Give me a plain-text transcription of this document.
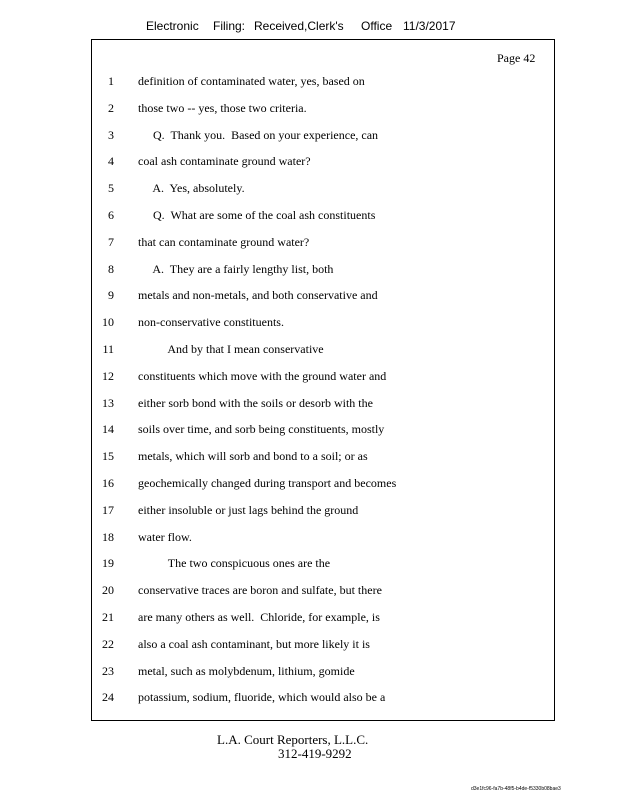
Electronic Filing: Received,Clerk's Office 11/3/2017
Page 42
1 definition of contaminated water, yes, based on
2 those two -- yes, those two criteria.
3 Q.  Thank you.  Based on your experience, can
4 coal ash contaminate ground water?
5 A.  Yes, absolutely.
6 Q.  What are some of the coal ash constituents
7 that can contaminate ground water?
8 A.  They are a fairly lengthy list, both
9 metals and non-metals, and both conservative and
10 non-conservative constituents.
11 And by that I mean conservative
12 constituents which move with the ground water and
13 either sorb bond with the soils or desorb with the
14 soils over time, and sorb being constituents, mostly
15 metals, which will sorb and bond to a soil; or as
16 geochemically changed during transport and becomes
17 either insoluble or just lags behind the ground
18 water flow.
19 The two conspicuous ones are the
20 conservative traces are boron and sulfate, but there
21 are many others as well.  Chloride, for example, is
22 also a coal ash contaminant, but more likely it is
23 metal, such as molybdenum, lithium, gomide
24 potassium, sodium, fluoride, which would also be a
L.A. Court Reporters, L.L.C.
312-419-9292
d3e1fc96-fa7b-48f5-b4de-f5330b08bae3
